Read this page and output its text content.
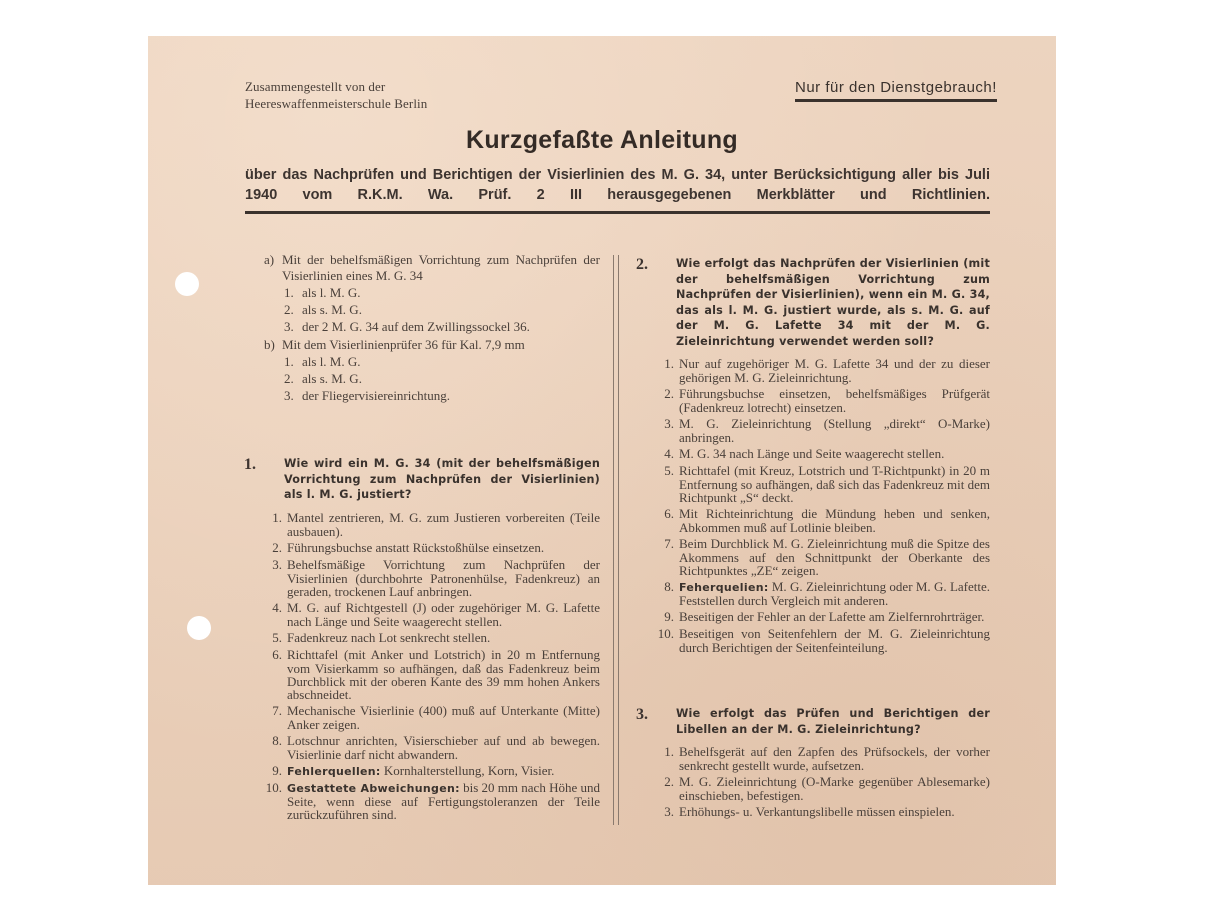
Zusammengestellt von der
Heereswaffenmeisterschule Berlin
Nur für den Dienstgebrauch!
Kurzgefaßte Anleitung
über das Nachprüfen und Berichtigen der Visierlinien des M. G. 34, unter Berücksichtigung aller bis Juli 1940 vom R.K.M. Wa. Prüf. 2 III herausgegebenen Merkblätter und Richtlinien.
a) Mit der behelfsmäßigen Vorrichtung zum Nachprüfen der Visierlinien eines M. G. 34
1. als l. M. G.
2. als s. M. G.
3. der 2 M. G. 34 auf dem Zwillingssockel 36.
b) Mit dem Visierlinienprüfer 36 für Kal. 7,9 mm
1. als l. M. G.
2. als s. M. G.
3. der Fliegervisiereinrichtung.
1.	Wie wird ein M. G. 34 (mit der behelfsmäßigen Vorrichtung zum Nachprüfen der Visierlinien) als l. M. G. justiert?
1. Mantel zentrieren, M. G. zum Justieren vorbereiten (Teile ausbauen).
2. Führungsbuchse anstatt Rückstoßhülse einsetzen.
3. Behelfsmäßige Vorrichtung zum Nachprüfen der Visierlinien (durchbohrte Patronenhülse, Fadenkreuz) an geraden, trockenen Lauf anbringen.
4. M. G. auf Richtgestell (J) oder zugehöriger M. G. Lafette nach Länge und Seite waagerecht stellen.
5. Fadenkreuz nach Lot senkrecht stellen.
6. Richttafel (mit Anker und Lotstrich) in 20 m Entfernung vom Visierkamm so aufhängen, daß das Fadenkreuz beim Durchblick mit der oberen Kante des 39 mm hohen Ankers abschneidet.
7. Mechanische Visierlinie (400) muß auf Unterkante (Mitte) Anker zeigen.
8. Lotschnur anrichten, Visierschieber auf und ab bewegen. Visierlinie darf nicht abwandern.
9. Fehlerquellen: Kornhalterstellung, Korn, Visier.
10. Gestattete Abweichungen: bis 20 mm nach Höhe und Seite, wenn diese auf Fertigungstoleranzen der Teile zurückzuführen sind.
2.	Wie erfolgt das Nachprüfen der Visierlinien (mit der behelfsmäßigen Vorrichtung zum Nachprüfen der Visierlinien), wenn ein M. G. 34, das als l. M. G. justiert wurde, als s. M. G. auf der M. G. Lafette 34 mit der M. G. Zieleinrichtung verwendet werden soll?
1. Nur auf zugehöriger M. G. Lafette 34 und der zu dieser gehörigen M. G. Zieleinrichtung.
2. Führungsbuchse einsetzen, behelfsmäßiges Prüfgerät (Fadenkreuz lotrecht) einsetzen.
3. M. G. Zieleinrichtung (Stellung „direkt“ O-Marke) anbringen.
4. M. G. 34 nach Länge und Seite waagerecht stellen.
5. Richttafel (mit Kreuz, Lotstrich und T-Richtpunkt) in 20 m Entfernung so aufhängen, daß sich das Fadenkreuz mit dem Richtpunkt „S“ deckt.
6. Mit Richteinrichtung die Mündung heben und senken, Abkommen muß auf Lotlinie bleiben.
7. Beim Durchblick M. G. Zieleinrichtung muß die Spitze des Akommens auf den Schnittpunkt der Oberkante des Richtpunktes „ZE“ zeigen.
8. Feherquelien: M. G. Zieleinrichtung oder M. G. Lafette. Feststellen durch Vergleich mit anderen.
9. Beseitigen der Fehler an der Lafette am Zielfernrohrträger.
10. Beseitigen von Seitenfehlern der M. G. Zieleinrichtung durch Berichtigen der Seitenfeinteilung.
3.	Wie erfolgt das Prüfen und Berichtigen der Libellen an der M. G. Zieleinrichtung?
1. Behelfsgerät auf den Zapfen des Prüfsockels, der vorher senkrecht gestellt wurde, aufsetzen.
2. M. G. Zieleinrichtung (O-Marke gegenüber Ablesemarke) einschieben, befestigen.
3. Erhöhungs- u. Verkantungslibelle müssen einspielen.
